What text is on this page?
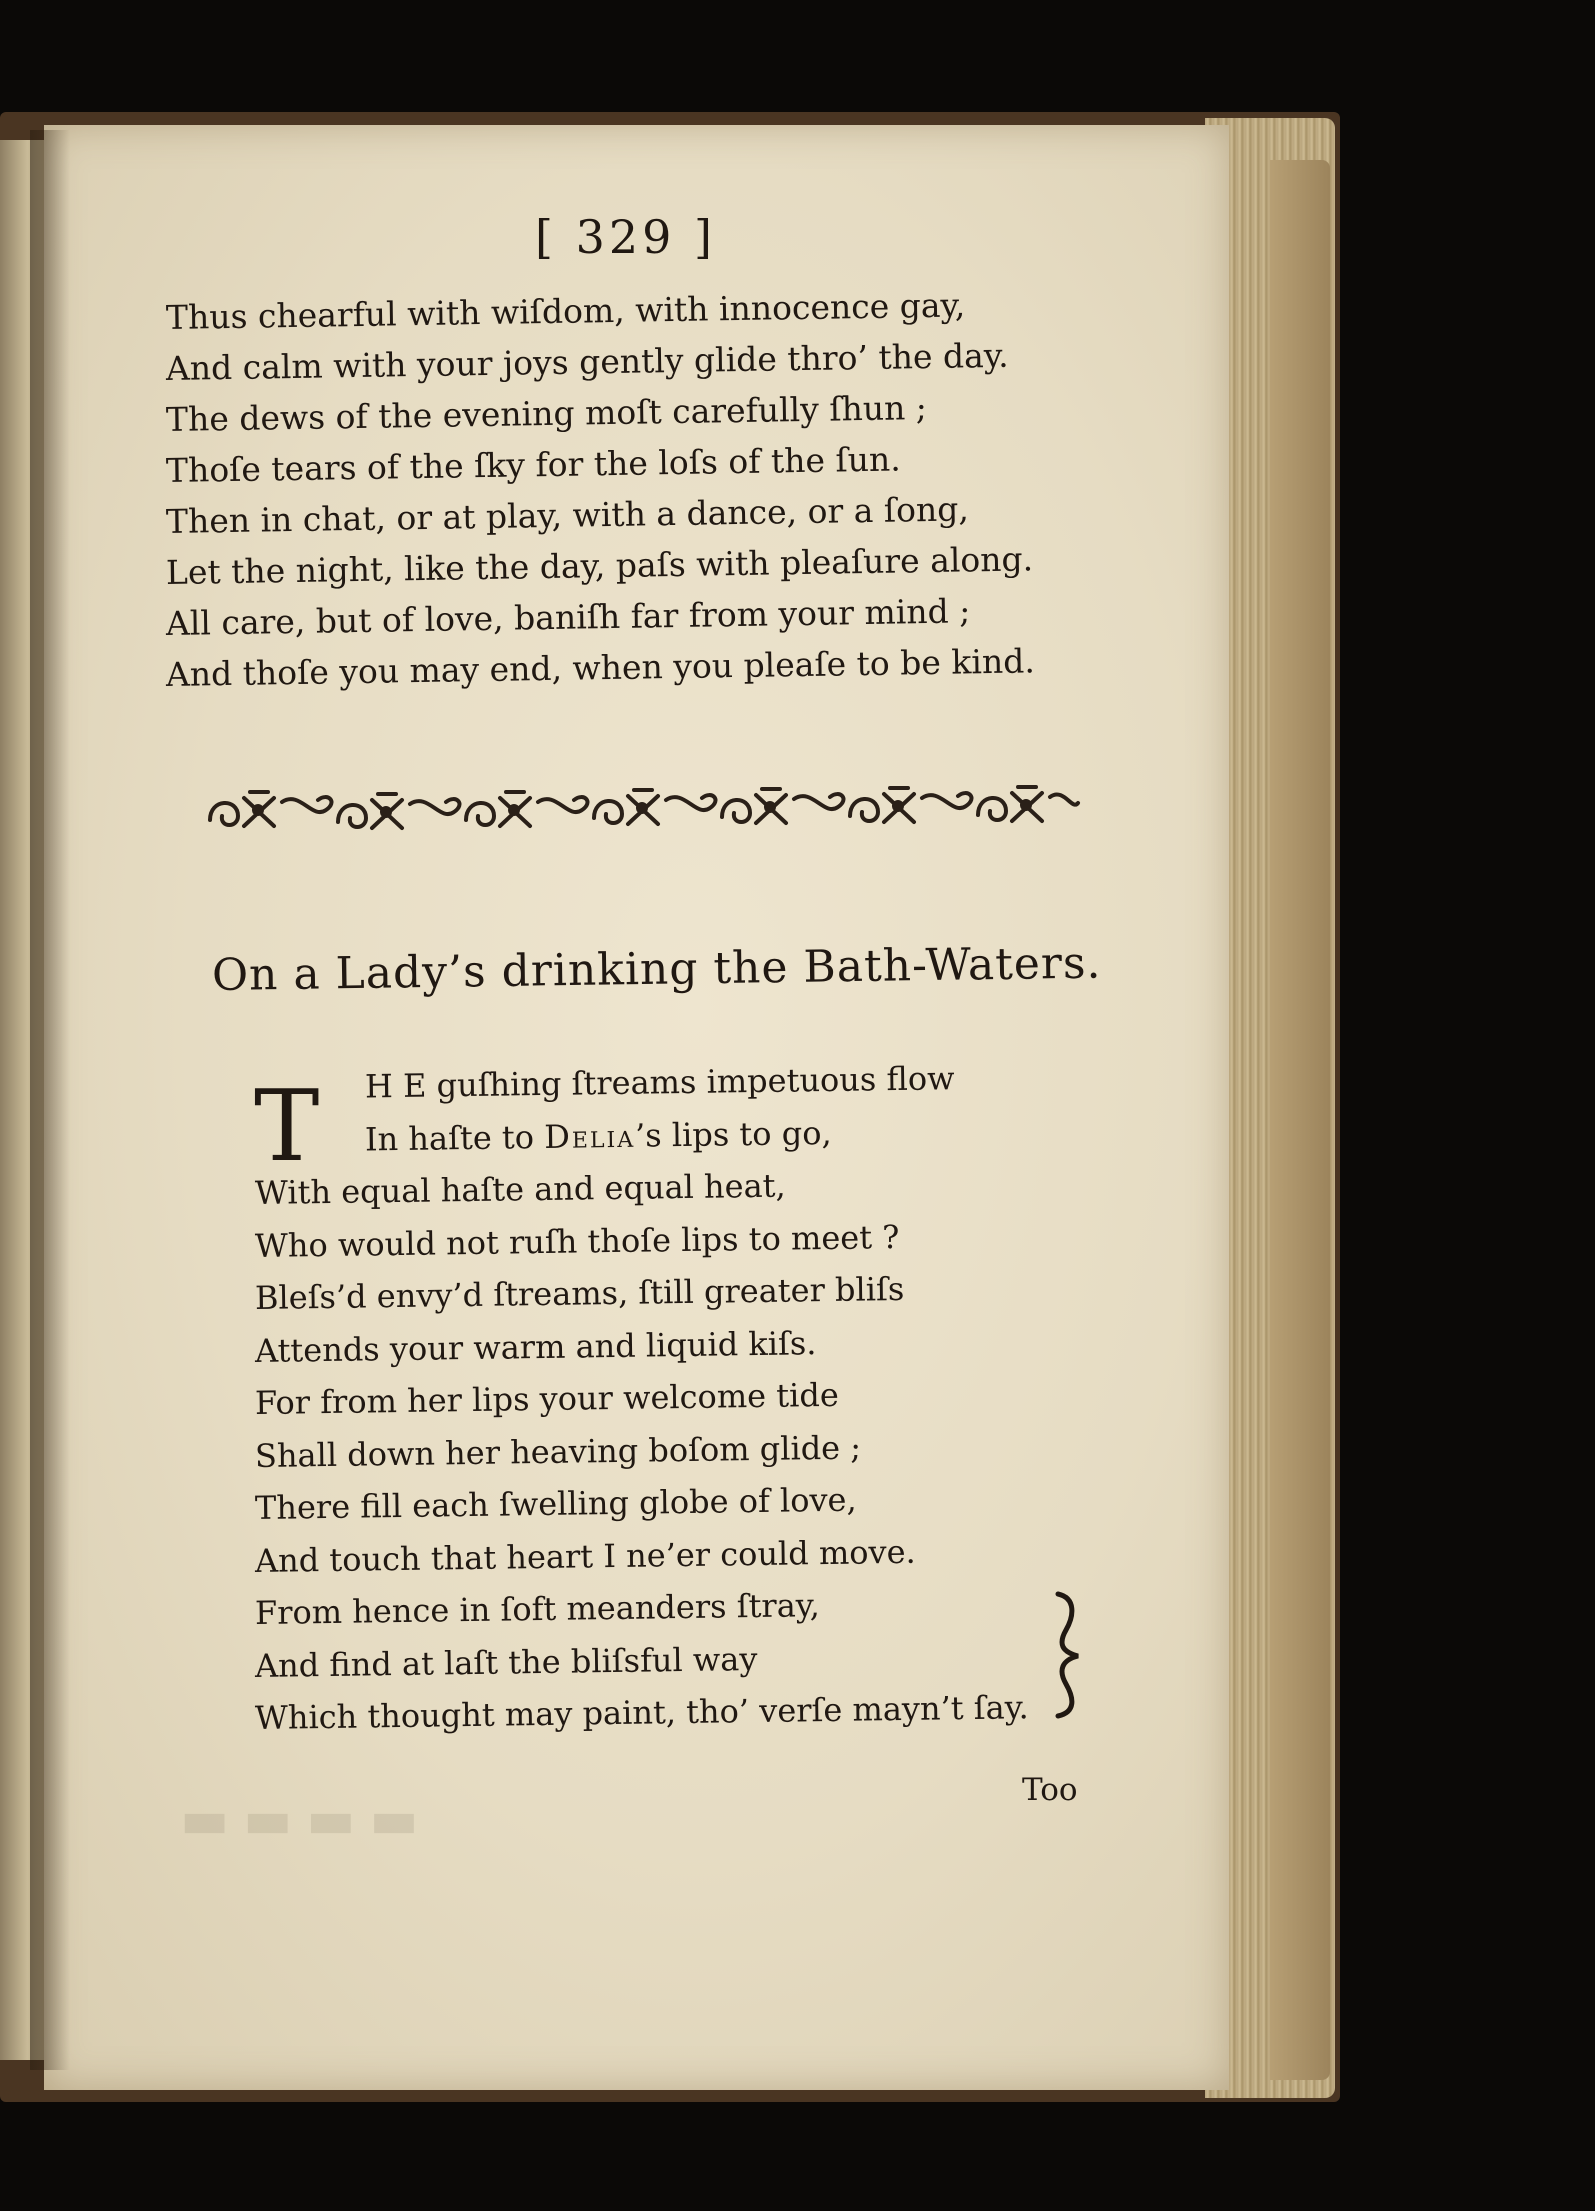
▬▬▬▬
[ 329 ]
Thus chearful with wiſdom, with innocence gay,
And calm with your joys gently glide thro’ the day.
The dews of the evening moſt carefully ſhun ;
Thoſe tears of the ſky for the loſs of the ſun.
Then in chat, or at play, with a dance, or a ſong,
Let the night, like the day, paſs with pleaſure along.
All care, but of love, baniſh far from your mind ;
And thoſe you may end, when you pleaſe to be kind.
On a Lady’s drinking the Bath-Waters.
T	H E guſhing ſtreams impetuous flow
In haſte to Delia’s lips to go,
With equal haſte and equal heat,
Who would not ruſh thoſe lips to meet ?
Bleſs’d envy’d ſtreams, ſtill greater bliſs
Attends your warm and liquid kiſs.
For from her lips your welcome tide
Shall down her heaving boſom glide ;
There fill each ſwelling globe of love,
And touch that heart I ne’er could move.
From hence in ſoft meanders ſtray,
And find at laſt the bliſsful way
Which thought may paint, tho’ verſe mayn’t ſay.
Too
